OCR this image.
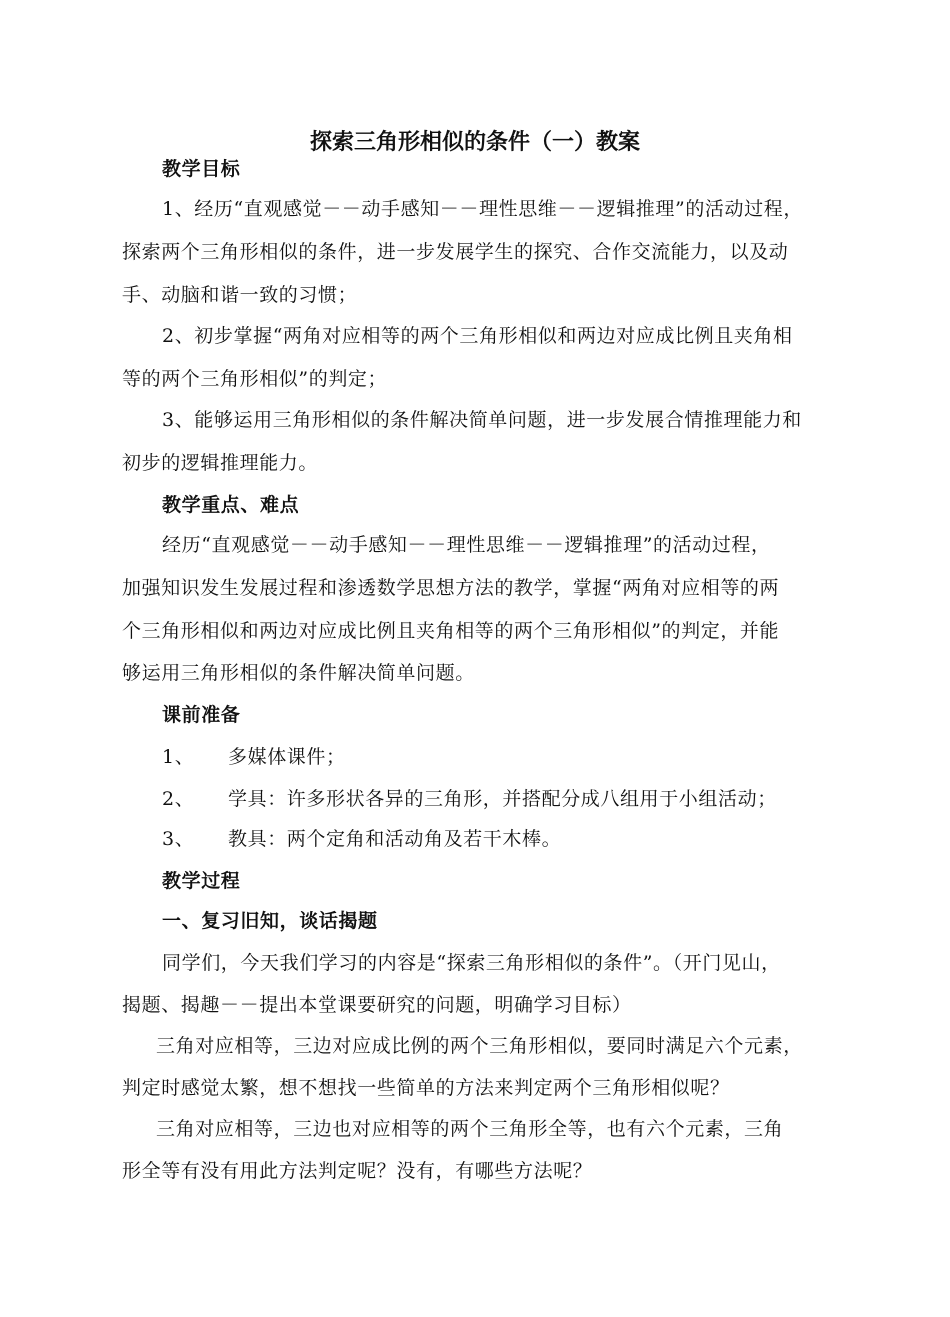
探索三角形相似的条件（一）教案
教学目标
1、经历“直观感觉－－动手感知－－理性思维－－逻辑推理”的活动过程，
探索两个三角形相似的条件，进一步发展学生的探究、合作交流能力，以及动
手、动脑和谐一致的习惯；
2、初步掌握“两角对应相等的两个三角形相似和两边对应成比例且夹角相
等的两个三角形相似”的判定；
3、能够运用三角形相似的条件解决简单问题，进一步发展合情推理能力和
初步的逻辑推理能力。
教学重点、难点
经历“直观感觉－－动手感知－－理性思维－－逻辑推理”的活动过程，
加强知识发生发展过程和渗透数学思想方法的教学，掌握“两角对应相等的两
个三角形相似和两边对应成比例且夹角相等的两个三角形相似”的判定，并能
够运用三角形相似的条件解决简单问题。
课前准备
1、 多媒体课件；
2、 学具：许多形状各异的三角形，并搭配分成八组用于小组活动；
3、 教具：两个定角和活动角及若干木棒。
教学过程
一、复习旧知，谈话揭题
同学们，今天我们学习的内容是“探索三角形相似的条件”。（开门见山，
揭题、揭趣－－提出本堂课要研究的问题，明确学习目标）
三角对应相等，三边对应成比例的两个三角形相似，要同时满足六个元素，
判定时感觉太繁，想不想找一些简单的方法来判定两个三角形相似呢？
三角对应相等，三边也对应相等的两个三角形全等，也有六个元素，三角
形全等有没有用此方法判定呢？没有，有哪些方法呢？
